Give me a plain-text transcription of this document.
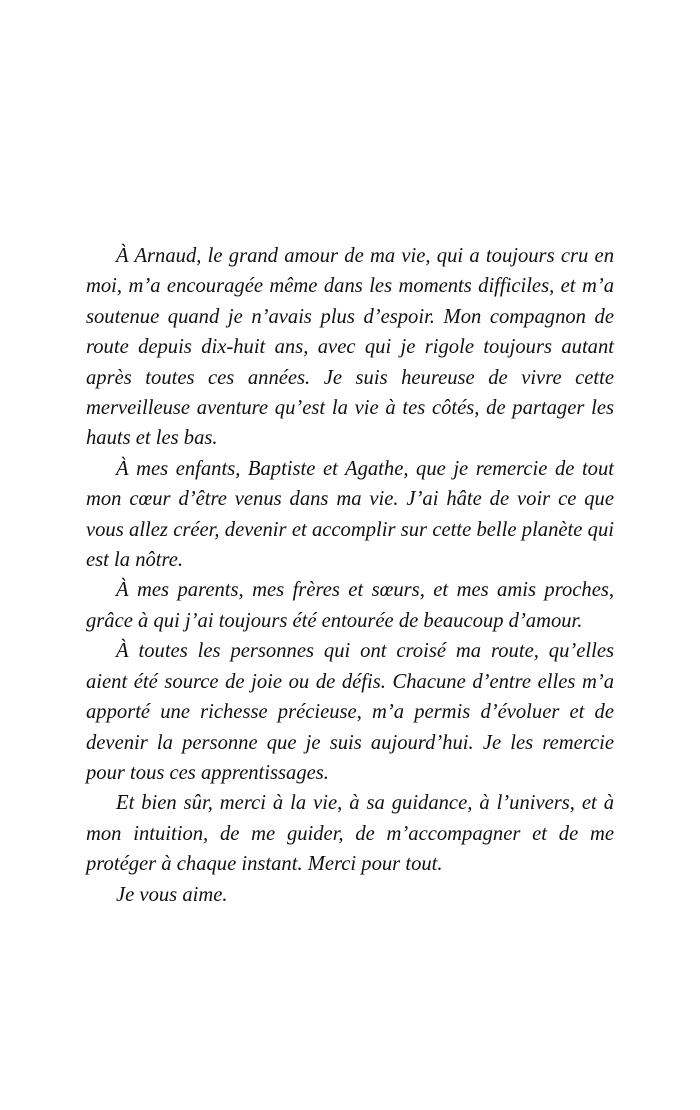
À Arnaud, le grand amour de ma vie, qui a toujours cru en moi, m’a encouragée même dans les moments difficiles, et m’a soutenue quand je n’avais plus d’espoir. Mon compagnon de route depuis dix-huit ans, avec qui je rigole toujours autant après toutes ces années. Je suis heureuse de vivre cette merveilleuse aventure qu’est la vie à tes côtés, de partager les hauts et les bas.

À mes enfants, Baptiste et Agathe, que je remercie de tout mon cœur d’être venus dans ma vie. J’ai hâte de voir ce que vous allez créer, devenir et accomplir sur cette belle planète qui est la nôtre.

À mes parents, mes frères et sœurs, et mes amis proches, grâce à qui j’ai toujours été entourée de beaucoup d’amour.

À toutes les personnes qui ont croisé ma route, qu’elles aient été source de joie ou de défis. Chacune d’entre elles m’a apporté une richesse précieuse, m’a permis d’évoluer et de devenir la personne que je suis aujourd’hui. Je les remercie pour tous ces apprentissages.

Et bien sûr, merci à la vie, à sa guidance, à l’univers, et à mon intuition, de me guider, de m’accompagner et de me protéger à chaque instant. Merci pour tout.

Je vous aime.
